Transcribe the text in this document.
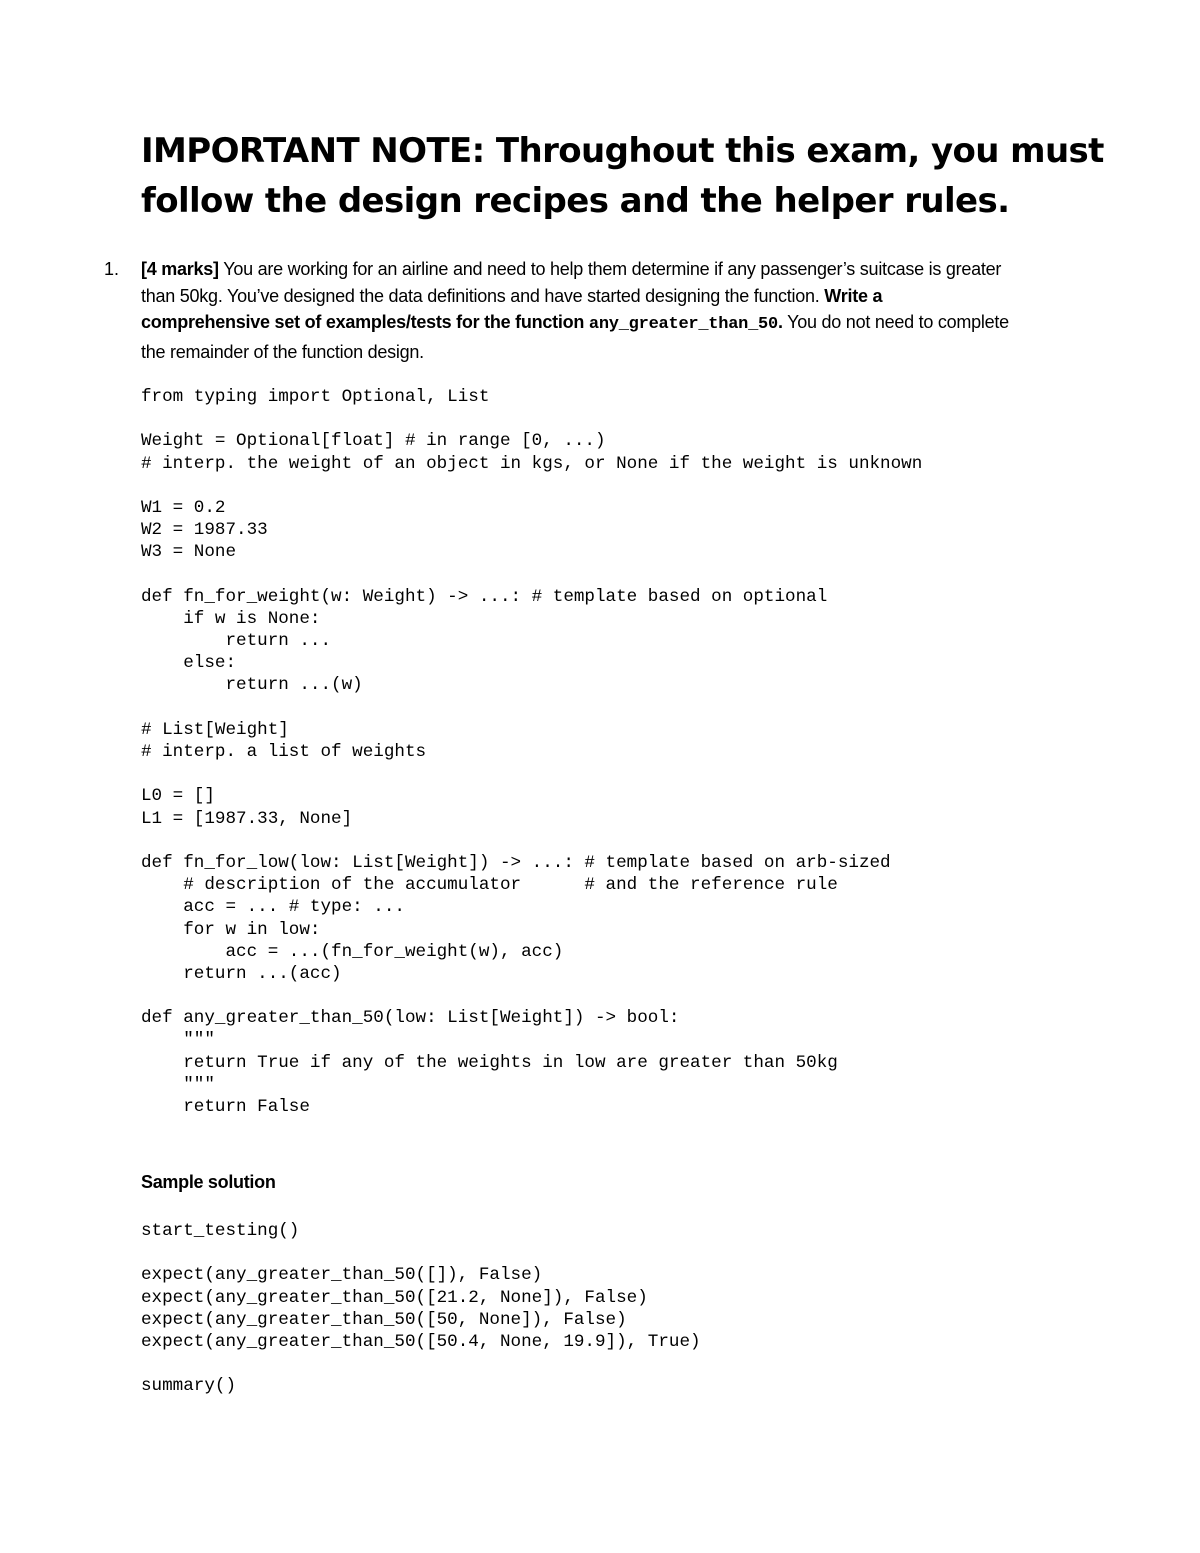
IMPORTANT NOTE: Throughout this exam, you must
follow the design recipes and the helper rules.
1. [4 marks] You are working for an airline and need to help them determine if any passenger’s suitcase is greater
than 50kg. You’ve designed the data definitions and have started designing the function. Write a
comprehensive set of examples/tests for the function any_greater_than_50. You do not need to complete
the remainder of the function design.
from typing import Optional, List
Weight = Optional[float] # in range [0, ...)
# interp. the weight of an object in kgs, or None if the weight is unknown
W1 = 0.2
W2 = 1987.33
W3 = None
def fn_for_weight(w: Weight) -> ...: # template based on optional
if w is None:
return ...
else:
return ...(w)
# List[Weight]
# interp. a list of weights
L0 = []
L1 = [1987.33, None]
def fn_for_low(low: List[Weight]) -> ...: # template based on arb-sized
# description of the accumulator      # and the reference rule
acc = ... # type: ...
for w in low:
acc = ...(fn_for_weight(w), acc)
return ...(acc)
def any_greater_than_50(low: List[Weight]) -> bool:
"""
return True if any of the weights in low are greater than 50kg
"""
return False
Sample solution
start_testing()
expect(any_greater_than_50([]), False)
expect(any_greater_than_50([21.2, None]), False)
expect(any_greater_than_50([50, None]), False)
expect(any_greater_than_50([50.4, None, 19.9]), True)
summary()
